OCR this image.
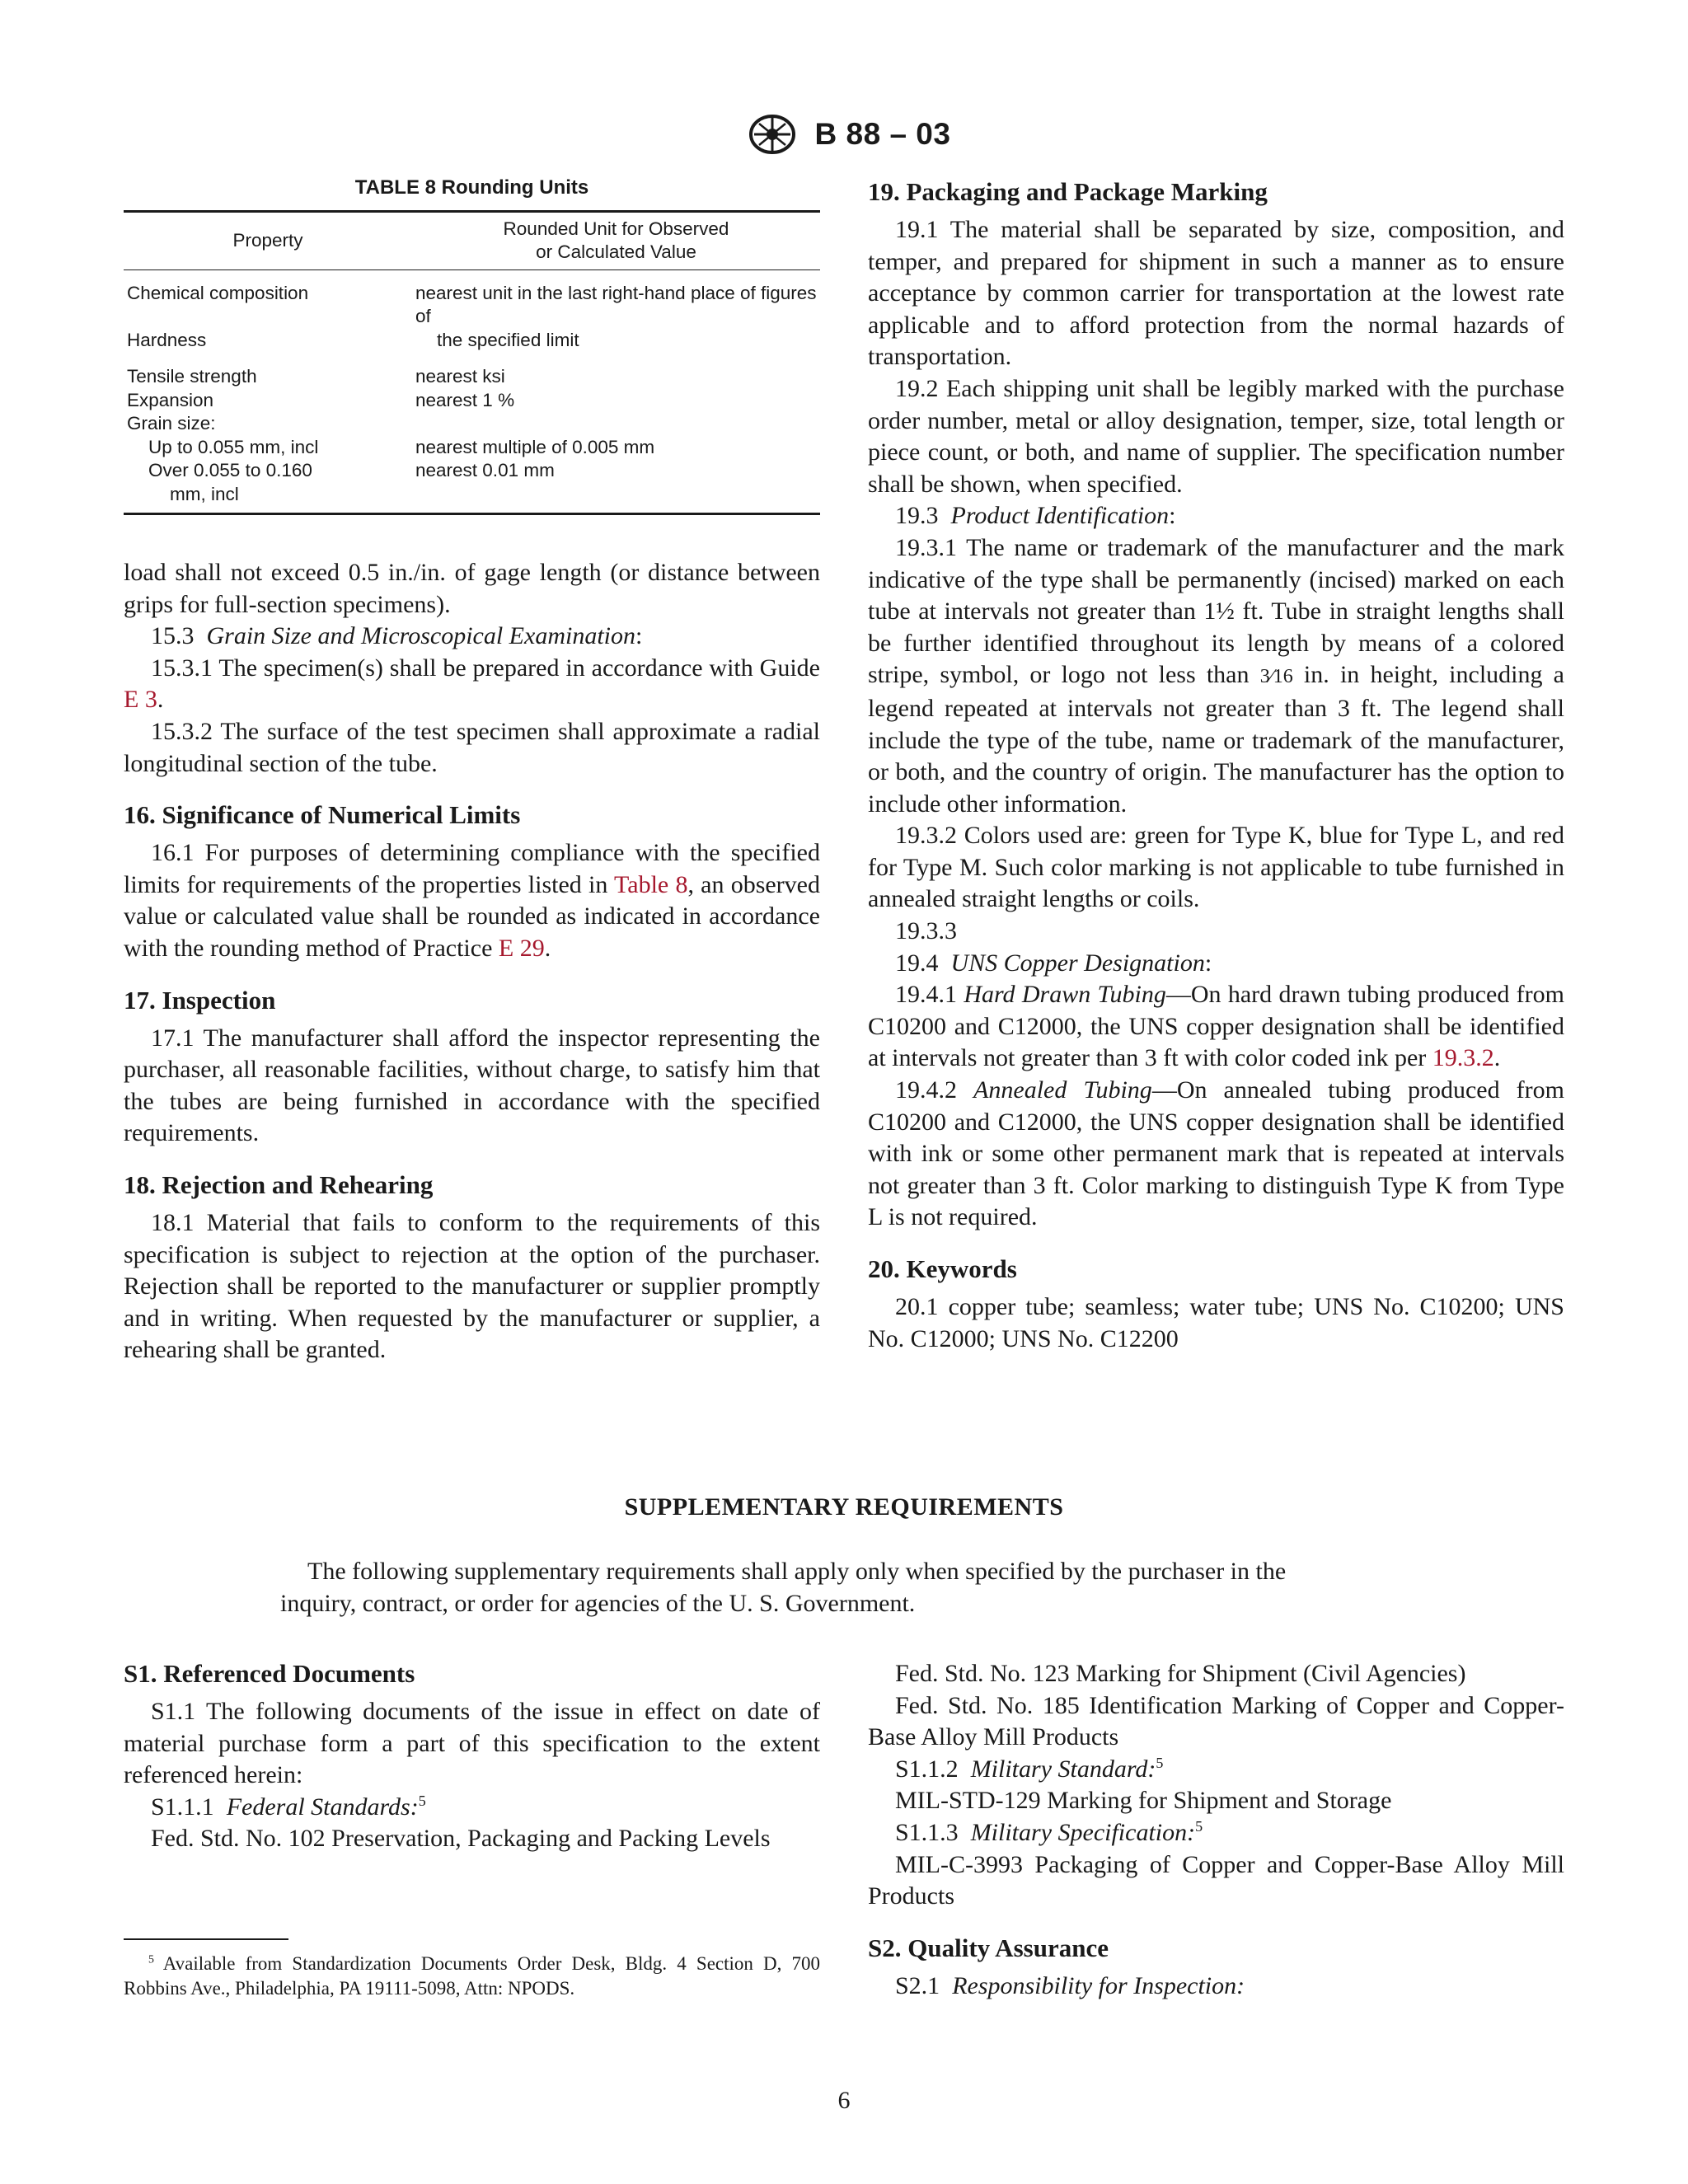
B 88 – 03
TABLE 8 Rounding Units
Property	Rounded Unit for Observed
or Calculated Value

Chemical composition	nearest unit in the last right-hand place of figures of
Hardness	the specified limit
Tensile strength	nearest ksi
Expansion	nearest 1 %
Grain size:	
Up to 0.055 mm, incl	nearest multiple of 0.005 mm
Over 0.055 to 0.160	nearest 0.01 mm
mm, incl	

load shall not exceed 0.5 in./in. of gage length (or distance between grips for full-section specimens).

15.3 Grain Size and Microscopical Examination:

15.3.1 The specimen(s) shall be prepared in accordance with Guide E 3.

15.3.2 The surface of the test specimen shall approximate a radial longitudinal section of the tube.

16. Significance of Numerical Limits

16.1 For purposes of determining compliance with the specified limits for requirements of the properties listed in Table 8, an observed value or calculated value shall be rounded as indicated in accordance with the rounding method of Practice E 29.

17. Inspection

17.1 The manufacturer shall afford the inspector representing the purchaser, all reasonable facilities, without charge, to satisfy him that the tubes are being furnished in accordance with the specified requirements.

18. Rejection and Rehearing

18.1 Material that fails to conform to the requirements of this specification is subject to rejection at the option of the purchaser. Rejection shall be reported to the manufacturer or supplier promptly and in writing. When requested by the manufacturer or supplier, a rehearing shall be granted.

19. Packaging and Package Marking

19.1 The material shall be separated by size, composition, and temper, and prepared for shipment in such a manner as to ensure acceptance by common carrier for transportation at the lowest rate applicable and to afford protection from the normal hazards of transportation.

19.2 Each shipping unit shall be legibly marked with the purchase order number, metal or alloy designation, temper, size, total length or piece count, or both, and name of supplier. The specification number shall be shown, when specified.

19.3 Product Identification:

19.3.1 The name or trademark of the manufacturer and the mark indicative of the type shall be permanently (incised) marked on each tube at intervals not greater than 1½ ft. Tube in straight lengths shall be further identified throughout its length by means of a colored stripe, symbol, or logo not less than 3⁄16 in. in height, including a legend repeated at intervals not greater than 3 ft. The legend shall include the type of the tube, name or trademark of the manufacturer, or both, and the country of origin. The manufacturer has the option to include other information.

19.3.2 Colors used are: green for Type K, blue for Type L, and red for Type M. Such color marking is not applicable to tube furnished in annealed straight lengths or coils.

19.3.3

19.4 UNS Copper Designation:

19.4.1 Hard Drawn Tubing—On hard drawn tubing produced from C10200 and C12000, the UNS copper designation shall be identified at intervals not greater than 3 ft with color coded ink per 19.3.2.

19.4.2 Annealed Tubing—On annealed tubing produced from C10200 and C12000, the UNS copper designation shall be identified with ink or some other permanent mark that is repeated at intervals not greater than 3 ft. Color marking to distinguish Type K from Type L is not required.

20. Keywords

20.1 copper tube; seamless; water tube; UNS No. C10200; UNS No. C12000; UNS No. C12200

SUPPLEMENTARY REQUIREMENTS
The following supplementary requirements shall apply only when specified by the purchaser in the
inquiry, contract, or order for agencies of the U. S. Government.
S1. Referenced Documents

S1.1 The following documents of the issue in effect on date of material purchase form a part of this specification to the extent referenced herein:

S1.1.1 Federal Standards:$^5$

Fed. Std. No. 102 Preservation, Packaging and Packing Levels

Fed. Std. No. 123 Marking for Shipment (Civil Agencies)

Fed. Std. No. 185 Identification Marking of Copper and Copper-Base Alloy Mill Products

S1.1.2 Military Standard:$^5$

MIL-STD-129 Marking for Shipment and Storage

S1.1.3 Military Specification:$^5$

MIL-C-3993 Packaging of Copper and Copper-Base Alloy Mill Products

S2. Quality Assurance

S2.1 Responsibility for Inspection:

$^5$ Available from Standardization Documents Order Desk, Bldg. 4 Section D, 700 Robbins Ave., Philadelphia, PA 19111-5098, Attn: NPODS.

6
